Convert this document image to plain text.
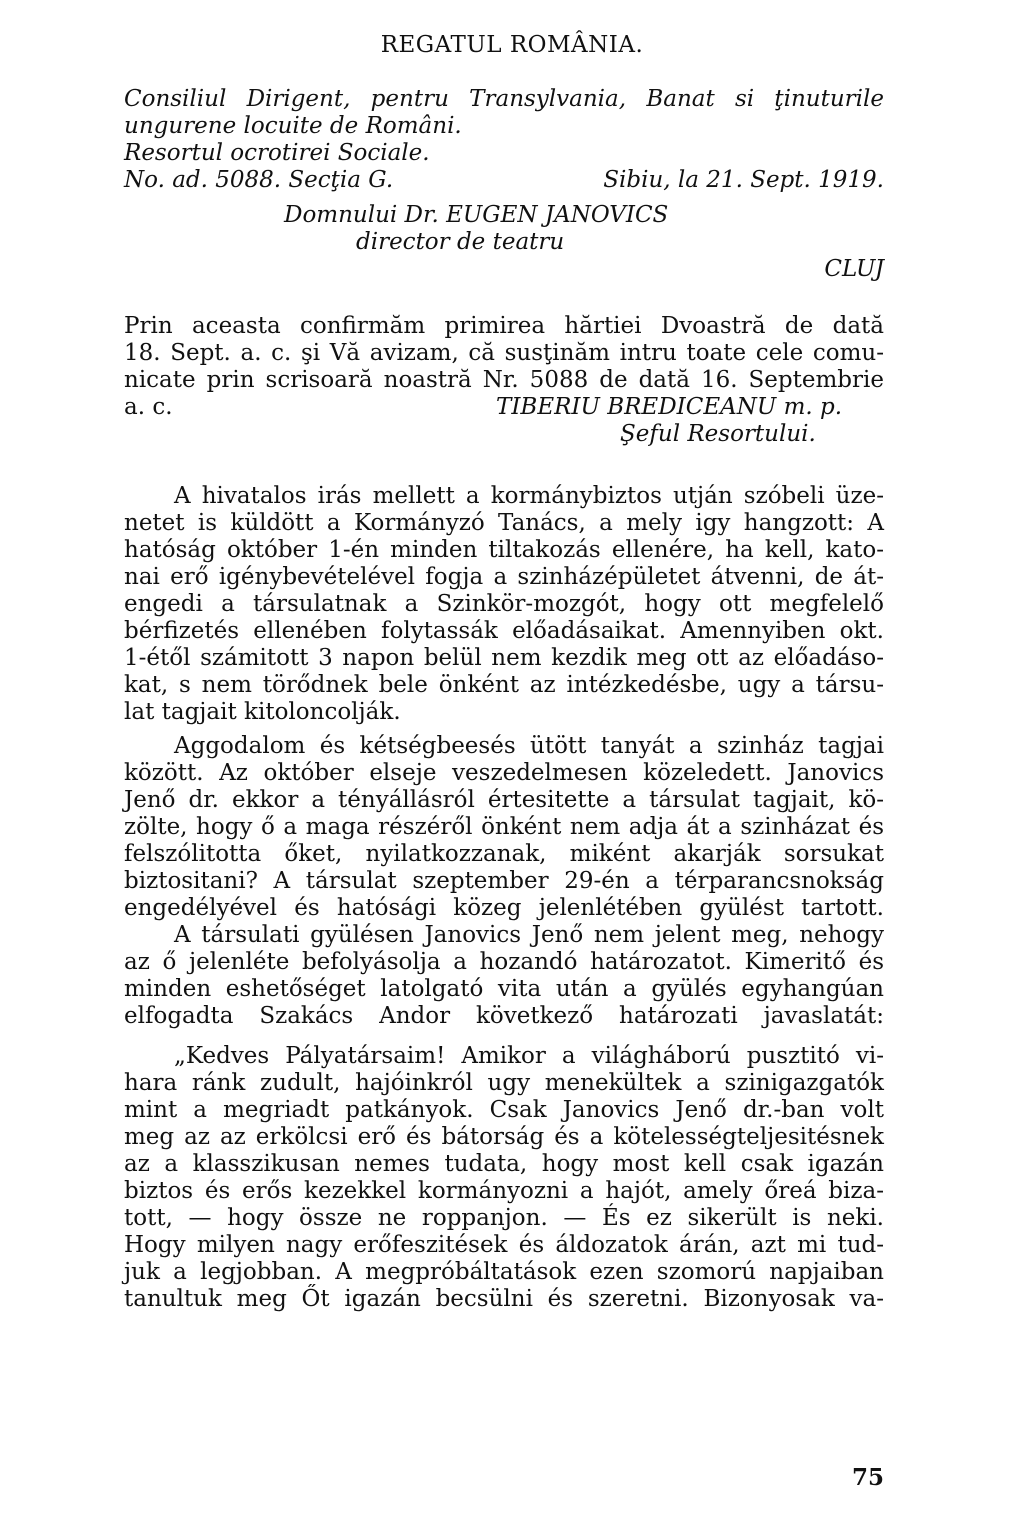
REGATUL ROMÂNIA.
Consiliul Dirigent, pentru Transylvania, Banat si ţinuturile
ungurene locuite de Români.
Resortul ocrotirei Sociale.
No. ad. 5088. Secţia G.	Sibiu, la 21. Sept. 1919.
Domnului Dr. EUGEN JANOVICS
director de teatru
CLUJ
Prin aceasta confirmăm primirea hărtiei Dvoastră de dată
18. Sept. a. c. şi Vă avizam, că susţinăm intru toate cele comu-
nicate prin scrisoară noastră Nr. 5088 de dată 16. Septembrie
a. c.	TIBERIU BREDICEANU m. p.
Şeful Resortului.
A hivatalos irás mellett a kormánybiztos utján szóbeli üze-
netet is küldött a Kormányzó Tanács, a mely igy hangzott: A
hatóság október 1-én minden tiltakozás ellenére, ha kell, kato-
nai erő igénybevételével fogja a szinházépületet átvenni, de át-
engedi a társulatnak a Szinkör-mozgót, hogy ott megfelelő
bérfizetés ellenében folytassák előadásaikat. Amennyiben okt.
1-étől számitott 3 napon belül nem kezdik meg ott az előadáso-
kat, s nem törődnek bele önként az intézkedésbe, ugy a társu-
lat tagjait kitoloncolják.
Aggodalom és kétségbeesés ütött tanyát a szinház tagjai
között. Az október elseje veszedelmesen közeledett. Janovics
Jenő dr. ekkor a tényállásról értesitette a társulat tagjait, kö-
zölte, hogy ő a maga részéről önként nem adja át a szinházat és
felszólitotta őket, nyilatkozzanak, miként akarják sorsukat
biztositani? A társulat szeptember 29-én a térparancsnokság
engedélyével és hatósági közeg jelenlétében gyülést tartott.
A társulati gyülésen Janovics Jenő nem jelent meg, nehogy
az ő jelenléte befolyásolja a hozandó határozatot. Kimeritő és
minden eshetőséget latolgató vita után a gyülés egyhangúan
elfogadta Szakács Andor következő határozati javaslatát:
„Kedves Pályatársaim! Amikor a világháború pusztitó vi-
hara ránk zudult, hajóinkról ugy menekültek a szinigazgatók
mint a megriadt patkányok. Csak Janovics Jenő dr.-ban volt
meg az az erkölcsi erő és bátorság és a kötelességteljesitésnek
az a klasszikusan nemes tudata, hogy most kell csak igazán
biztos és erős kezekkel kormányozni a hajót, amely őreá biza-
tott, — hogy össze ne roppanjon. — És ez sikerült is neki.
Hogy milyen nagy erőfeszitések és áldozatok árán, azt mi tud-
juk a legjobban. A megpróbáltatások ezen szomorú napjaiban
tanultuk meg Őt igazán becsülni és szeretni. Bizonyosak va-
75
